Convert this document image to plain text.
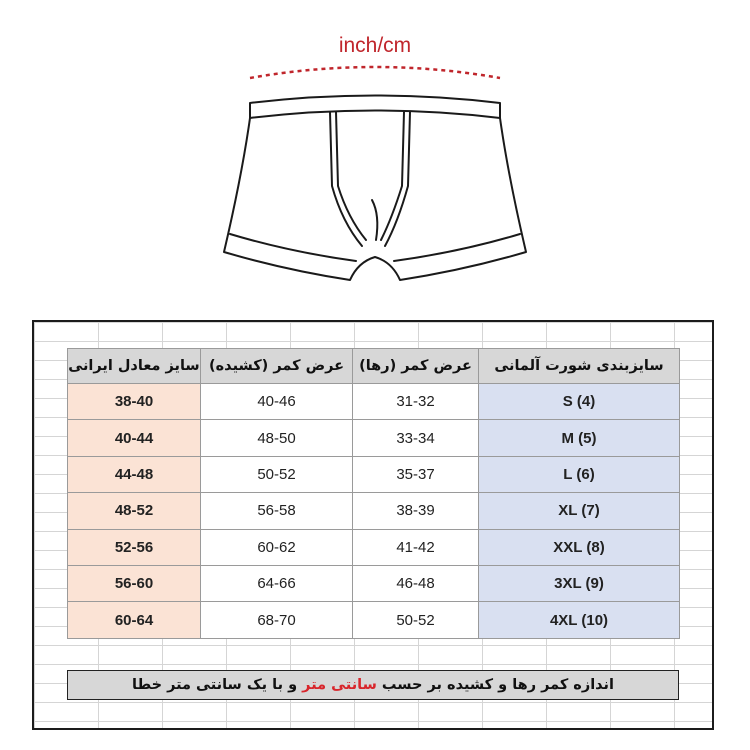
inch/cm
سایز معادل ایرانی	عرض کمر (کشیده)	عرض کمر (رها)	سایزبندی شورت آلمانی
38-40	40-46	31-32	S (4)
40-44	48-50	33-34	M (5)
44-48	50-52	35-37	L (6)
48-52	56-58	38-39	XL (7)
52-56	60-62	41-42	XXL (8)
56-60	64-66	46-48	3XL (9)
60-64	68-70	50-52	4XL (10)
اندازه کمر رها و کشیده بر حسب سانتی متر و با یک سانتی متر خطا
